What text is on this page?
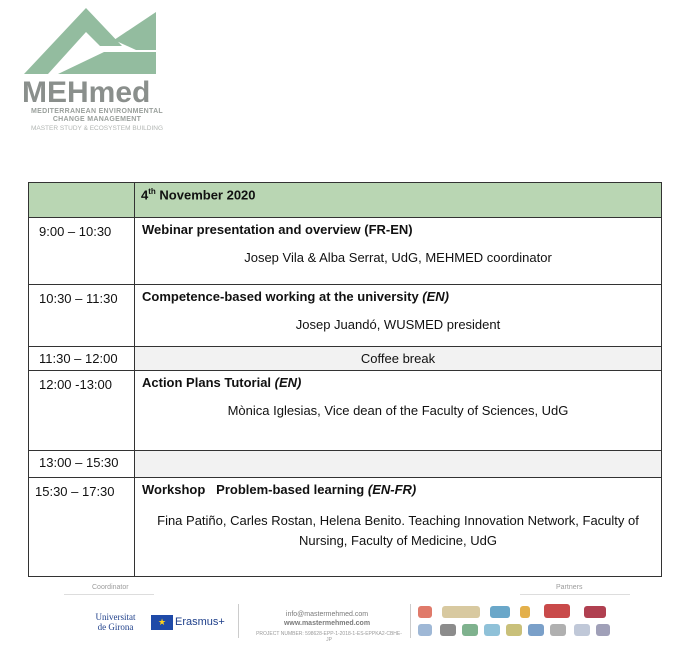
MEHmed
MEDITERRANEAN ENVIRONMENTAL
CHANGE MANAGEMENT
MASTER STUDY & ECOSYSTEM BUILDING
	4th November 2020

9:00 – 10:30	Webinar presentation and overview (FR-EN)
Josep Vila & Alba Serrat, UdG, MEHMED coordinator

10:30 – 11:30	Competence-based working at the university (EN)
Josep Juandó, WUSMED president

11:30 – 12:00	Coffee break

12:00 -13:00	Action Plans Tutorial (EN)
Mònica Iglesias, Vice dean of the Faculty of Sciences, UdG

13:00 – 15:30	

15:30 – 17:30	Workshop   Problem-based learning (EN-FR)
Fina Patiño, Carles Rostan, Helena Benito. Teaching Innovation Network, Faculty of Nursing, Faculty of Medicine, UdG
Coordinator	Partners
Universitat
de Girona	★ Erasmus+
info@mastermehmed.com
www.mastermehmed.com
PROJECT NUMBER: 598628-EPP-1-2018-1-ES-EPPKA2-CBHE-JP
